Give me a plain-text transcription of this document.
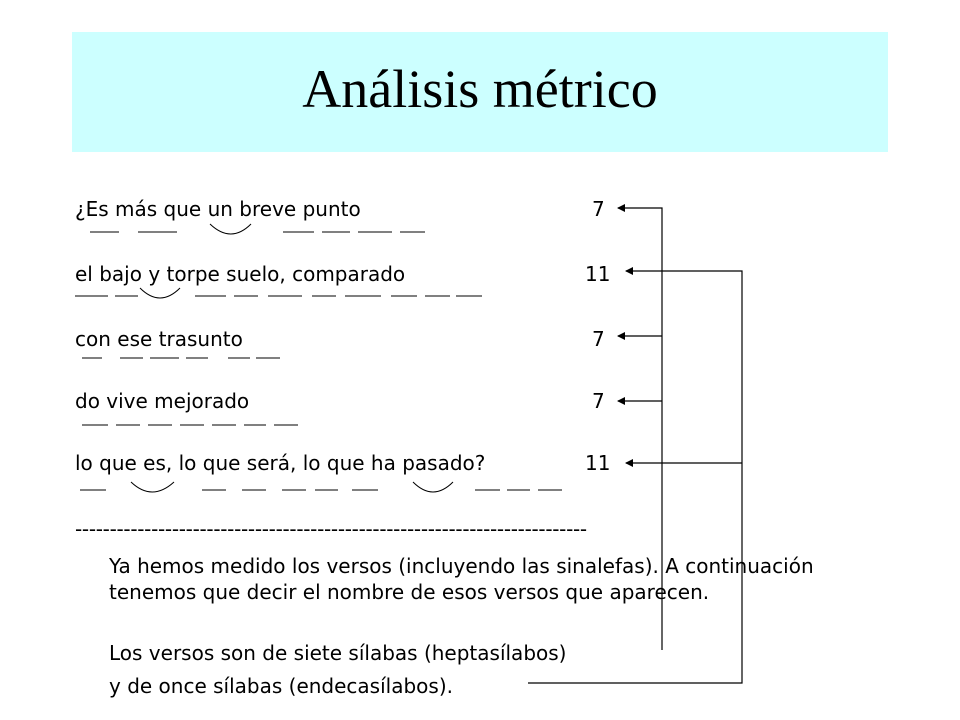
Análisis métrico
¿Es más que un breve punto	7
el bajo y torpe suelo, comparado	11
con ese trasunto	7
do vive mejorado	7
lo que es, lo que será, lo que ha pasado?	11
--------------------------------------------------------------------------
Ya hemos medido los versos (incluyendo las sinalefas). A continuación tenemos que decir el nombre de esos versos que aparecen.
Los versos son de siete sílabas (heptasílabos)
y de once sílabas (endecasílabos).
